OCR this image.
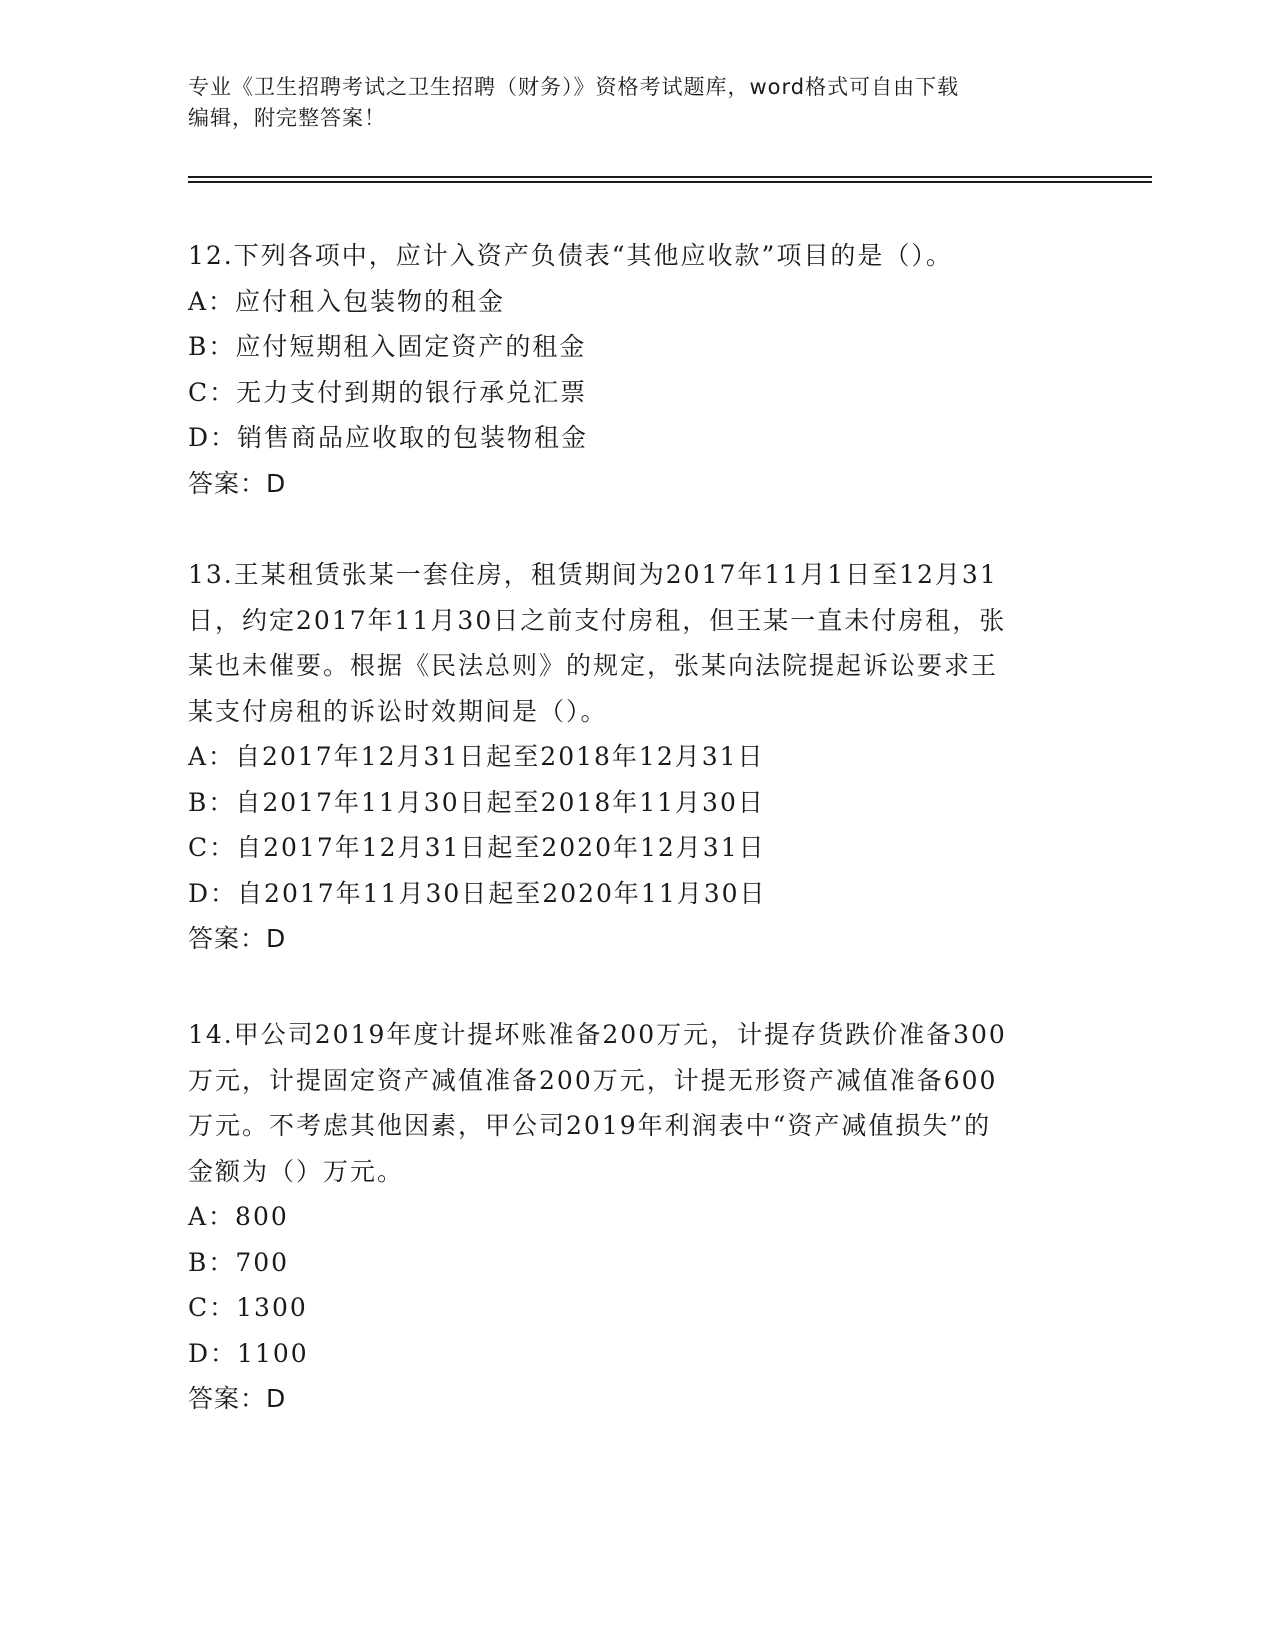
专业《卫生招聘考试之卫生招聘（财务）》资格考试题库，word格式可自由下载
编辑，附完整答案！

12.下列各项中，应计入资产负债表“其他应收款”项目的是（）。

A：应付租入包装物的租金

B：应付短期租入固定资产的租金

C：无力支付到期的银行承兑汇票

D：销售商品应收取的包装物租金

答案：D

13.王某租赁张某一套住房，租赁期间为2017年11月1日至12月31

日，约定2017年11月30日之前支付房租，但王某一直未付房租，张

某也未催要。根据《民法总则》的规定，张某向法院提起诉讼要求王

某支付房租的诉讼时效期间是（）。

A：自2017年12月31日起至2018年12月31日

B：自2017年11月30日起至2018年11月30日

C：自2017年12月31日起至2020年12月31日

D：自2017年11月30日起至2020年11月30日

答案：D

14.甲公司2019年度计提坏账准备200万元，计提存货跌价准备300

万元，计提固定资产减值准备200万元，计提无形资产减值准备600

万元。不考虑其他因素，甲公司2019年利润表中“资产减值损失”的

金额为（）万元。

A：800

B：700

C：1300

D：1100

答案：D
